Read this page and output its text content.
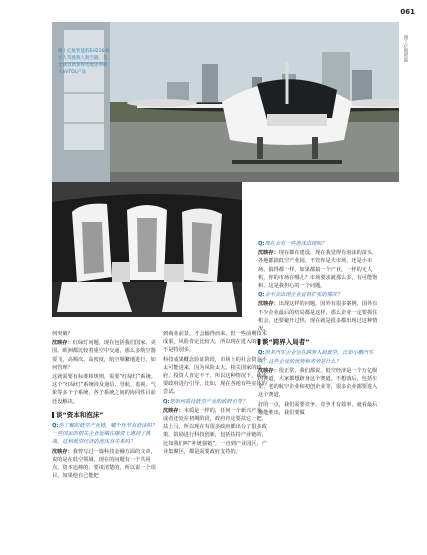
061
图丨亿航智能的EH216-S无人驾驶载人航空器，是全球首款获得适航证的载人eVTOL产品
图丨亿航智能

何突破？

沈映存：红绿灯问题，现在包括我们国家、美国、欧洲都比较着重空中交通，那么多航空器要飞，高频次、高密度，航空频繁地进行，如何管理？

这就需要有标准和规则，需要“红绿灯”系统。这个“红绿灯”系统涉及通信、导航、监视、气象等多个子系统，各子系统之间的协同性目前还没解决。

谈“资本和泡沫”

Q:你了解的低空产业链，哪个环节有泡沫吗？一些国家的相关企业近期在融资上遇到了挑战，这和低空经济的泡沫有关系吗？

沈映存：我曾写过一篇科技金融方面的文章，说的是在低空领域，现在的问题有一个共同点，资本追捧的，要谈清楚的，所以说一个项目，如果他自己能把

到商业前景，才会输得而来，但一些前期技术成果，风险肯定比较大，所以现在进入的资本不是特别多。

科技成果概念验证阶段，市场上的社会资金不太可能进来，因为风险太大，相关国家的政府，投资人肯定不干，所以这种情况下，就需要政府进行引导，比如，现在各地有些实体的尝试。

Q:您如何看待低空产业的政府引导？

沈映存：本质是一样的，任何一个新兴产业，或者还处在初期阶段，政府肯定要扶它一把，扶上马，所以现在有很多政府都出台了很多政策，鼓励进行科技创新，包括扶持产业链的，比如我们叫“补链强链”，一直到产业园区，产业集聚区，都是需要政府支持的。

Q:现在会有一些泡沫出现吗？

沈映存：现在都在建设，现在我觉得有泡沫的苗头，各地都搞低空产业园，不管你是大市场，还是小市场，搞得都一样，如果都搞一个产业，一样的无人机，你的市场在哪儿？市场要求就那么多，有可能饱和，这是我担心的一个问题。

Q:会不会出现企业盲目扩张的情况？

沈映存：出现这样的问题，国外有很多案例，国外有不少企业最后的结局都是这样，那么企业一定要抓住机会，还要避开过热，现在就是很多都出现过这种情况。

谈“跨界入局者”

Q:很多汽车企业也在跨界入局低空，比如小鹏汽车等，这些企业的优势和劣势是什么？

沈映存：很正常，我们都说，低空经济是一个万亿级的赛道，大家都想跻身这个赛道。不想落后，包括车企、老的航空企业和初创企业等，很多企业都要进入这个赛道，

好的一点，我们需要竞争，竞争才有效率，就看最后谁能胜出，我们要做
